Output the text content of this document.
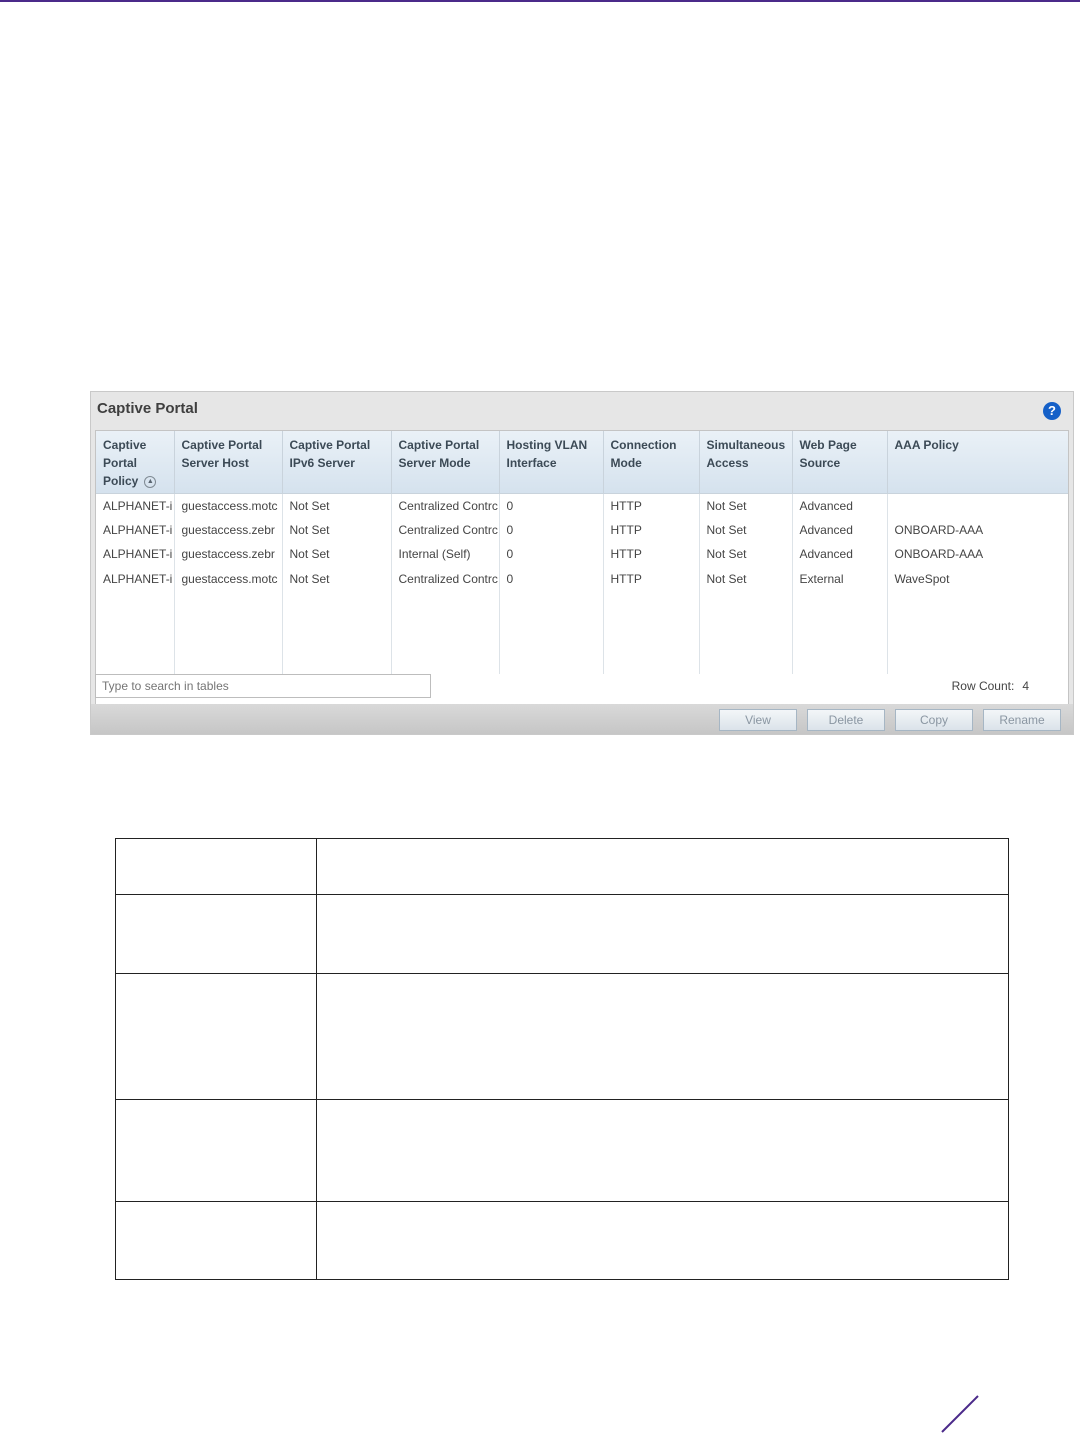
Captive Portal	?
Captive Portal Policy ▲	Captive Portal Server Host	Captive Portal IPv6 Server	Captive Portal Server Mode	Hosting VLAN Interface	Connection Mode	Simultaneous Access	Web Page Source	AAA Policy
ALPHANET-i	guestaccess.motc	Not Set	Centralized Contrc	0	HTTP	Not Set	Advanced	
ALPHANET-i	guestaccess.zebr	Not Set	Centralized Contrc	0	HTTP	Not Set	Advanced	ONBOARD-AAA
ALPHANET-i	guestaccess.zebr	Not Set	Internal (Self)	0	HTTP	Not Set	Advanced	ONBOARD-AAA
ALPHANET-i	guestaccess.motc	Not Set	Centralized Contrc	0	HTTP	Not Set	External	WaveSpot

Type to search in tables
Row Count: 4
View	Delete	Copy	Rename
